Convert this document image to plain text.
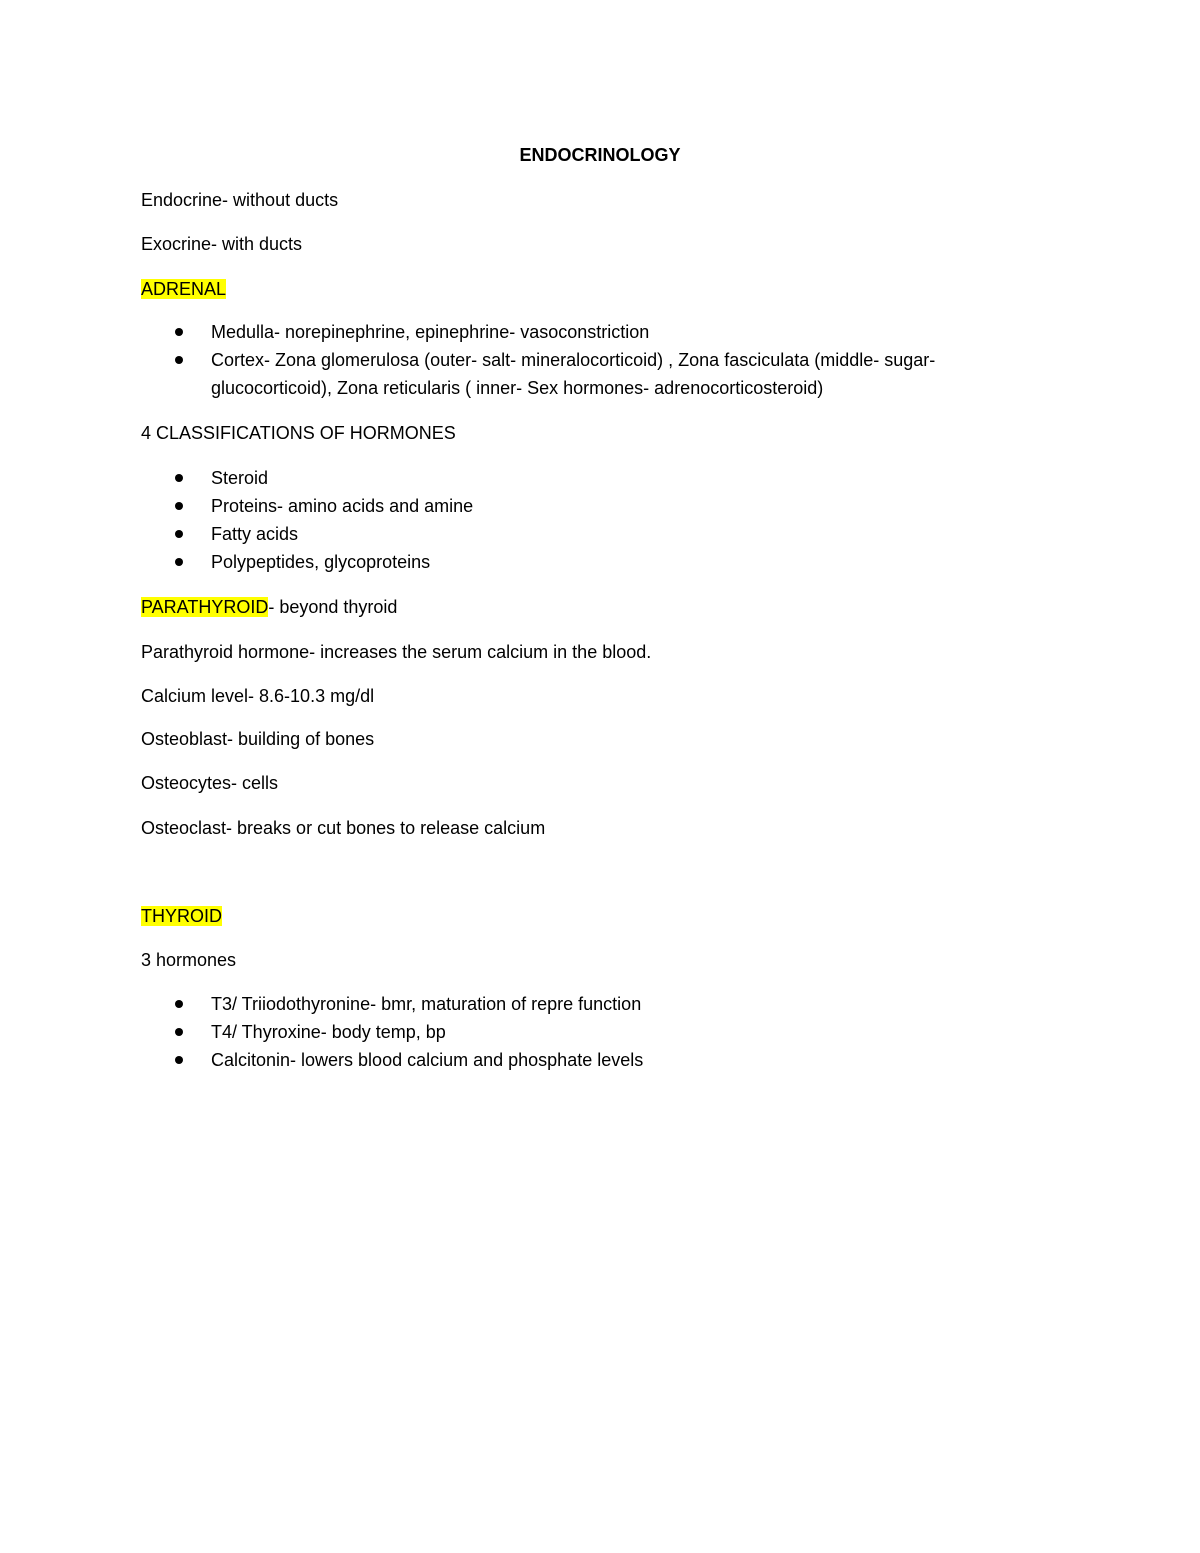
ENDOCRINOLOGY
Endocrine- without ducts
Exocrine- with ducts
ADRENAL
Medulla- norepinephrine, epinephrine- vasoconstriction
Cortex- Zona glomerulosa (outer- salt- mineralocorticoid) , Zona fasciculata (middle- sugar- glucocorticoid), Zona reticularis ( inner- Sex hormones- adrenocorticosteroid)
4 CLASSIFICATIONS OF HORMONES
Steroid
Proteins- amino acids and amine
Fatty acids
Polypeptides, glycoproteins
PARATHYROID- beyond thyroid
Parathyroid hormone- increases the serum calcium in the blood.
Calcium level- 8.6-10.3 mg/dl
Osteoblast- building of bones
Osteocytes- cells
Osteoclast- breaks or cut bones to release calcium
THYROID
3 hormones
T3/ Triiodothyronine- bmr, maturation of repre function
T4/ Thyroxine- body temp, bp
Calcitonin- lowers blood calcium and phosphate levels
